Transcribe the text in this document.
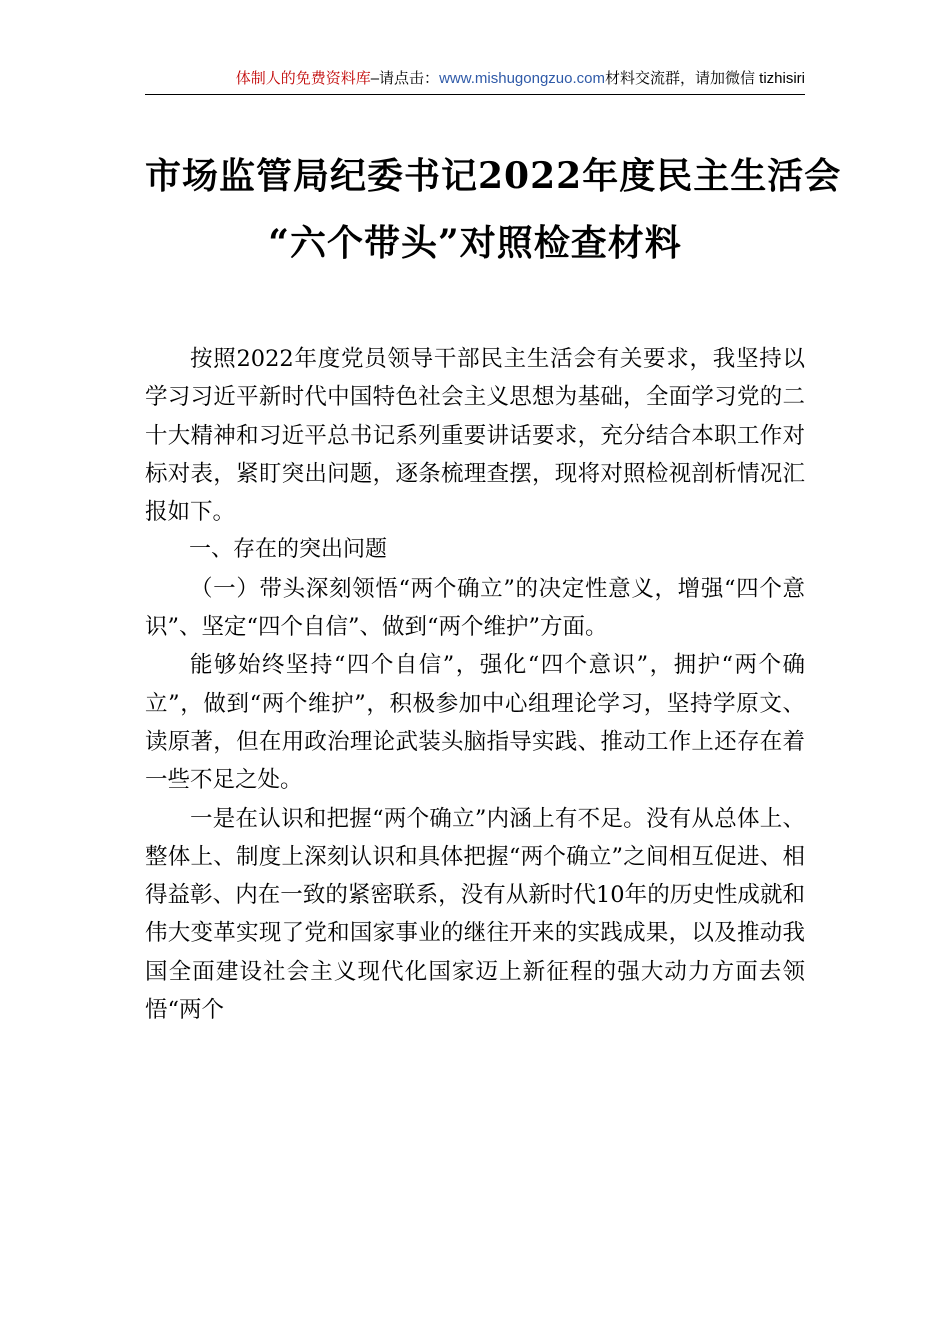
体制人的免费资料库–请点击：www.mishugongzuo.com材料交流群，请加微信 tizhisiri
市场监管局纪委书记2022年度民主生活会
“六个带头”对照检查材料

按照2022年度党员领导干部民主生活会有关要求，我坚持以学习习近平新时代中国特色社会主义思想为基础，全面学习党的二十大精神和习近平总书记系列重要讲话要求，充分结合本职工作对标对表，紧盯突出问题，逐条梳理查摆，现将对照检视剖析情况汇报如下。

一、存在的突出问题

（一）带头深刻领悟“两个确立”的决定性意义，增强“四个意识”、坚定“四个自信”、做到“两个维护”方面。

能够始终坚持“四个自信”，强化“四个意识”，拥护“两个确立”，做到“两个维护”，积极参加中心组理论学习，坚持学原文、读原著，但在用政治理论武装头脑指导实践、推动工作上还存在着一些不足之处。

一是在认识和把握“两个确立”内涵上有不足。没有从总体上、整体上、制度上深刻认识和具体把握“两个确立”之间相互促进、相得益彰、内在一致的紧密联系，没有从新时代10年的历史性成就和伟大变革实现了党和国家事业的继往开来的实践成果，以及推动我国全面建设社会主义现代化国家迈上新征程的强大动力方面去领悟“两个
